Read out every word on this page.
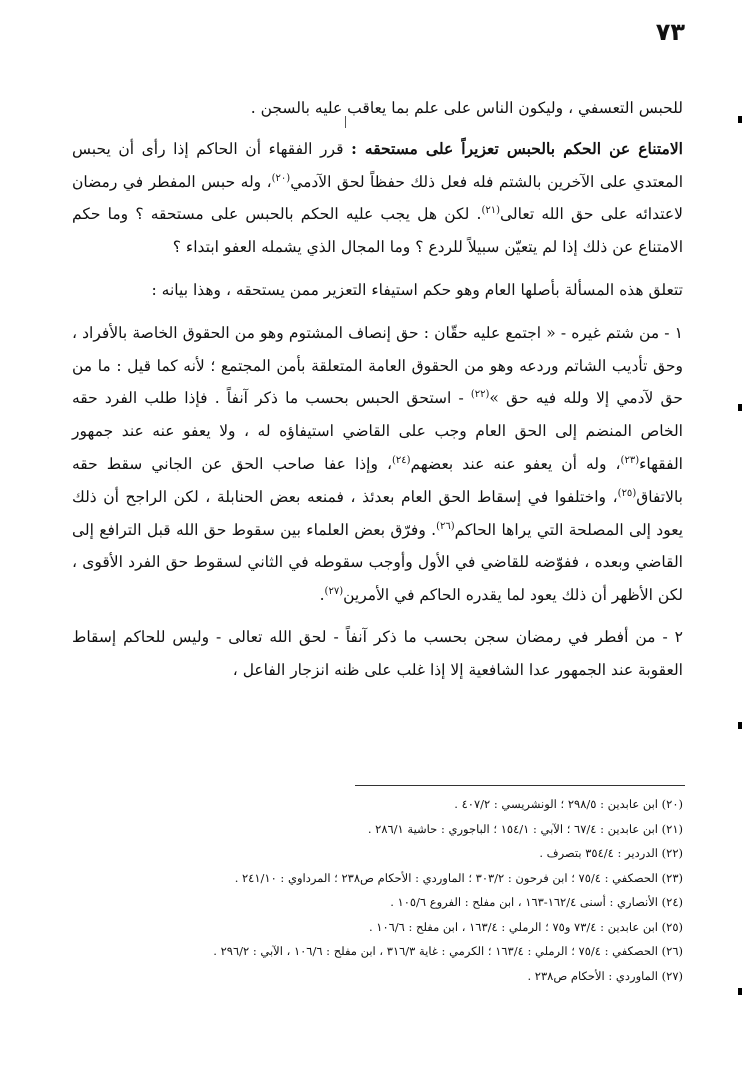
٧٣

للحبس التعسفي ، وليكون الناس على علم بما يعاقب عليه بالسجن .

الامتناع عن الحكم بالحبس تعزيراً على مستحقه : قرر الفقهاء أن الحاكم إذا رأى أن يحبس المعتدي على الآخرين بالشتم فله فعل ذلك حفظاً لحق الآدمي$^{(٢٠)}$، وله حبس المفطر في رمضان لاعتدائه على حق الله تعالى$^{(٢١)}$. لكن هل يجب عليه الحكم بالحبس على مستحقه ؟ وما حكم الامتناع عن ذلك إذا لم يتعيّن سبيلاً للردع ؟ وما المجال الذي يشمله العفو ابتداء ؟

تتعلق هذه المسألة بأصلها العام وهو حكم استيفاء التعزير ممن يستحقه ، وهذا بيانه :

١ - من شتم غيره - « اجتمع عليه حقّان : حق إنصاف المشتوم وهو من الحقوق الخاصة بالأفراد ، وحق تأديب الشاتم وردعه وهو من الحقوق العامة المتعلقة بأمن المجتمع ؛ لأنه كما قيل : ما من حق لآدمي إلا ولله فيه حق »$^{(٢٢)}$ - استحق الحبس بحسب ما ذكر آنفاً . فإذا طلب الفرد حقه الخاص المنضم إلى الحق العام وجب على القاضي استيفاؤه له ، ولا يعفو عنه عند جمهور الفقهاء$^{(٢٣)}$، وله أن يعفو عنه عند بعضهم$^{(٢٤)}$، وإذا عفا صاحب الحق عن الجاني سقط حقه بالاتفاق$^{(٢٥)}$، واختلفوا في إسقاط الحق العام بعدئذ ، فمنعه بعض الحنابلة ، لكن الراجح أن ذلك يعود إلى المصلحة التي يراها الحاكم$^{(٢٦)}$. وفرّق بعض العلماء بين سقوط حق الله قبل الترافع إلى القاضي وبعده ، ففوّضه للقاضي في الأول وأوجب سقوطه في الثاني لسقوط حق الفرد الأقوى ، لكن الأظهر أن ذلك يعود لما يقدره الحاكم في الأمرين$^{(٢٧)}$.

٢ - من أفطر في رمضان سجن بحسب ما ذكر آنفاً - لحق الله تعالى - وليس للحاكم إسقاط العقوبة عند الجمهور عدا الشافعية إلا إذا غلب على ظنه انزجار الفاعل ،

(٢٠) ابن عابدين : ٢٩٨/٥ ؛ الونشريسي : ٤٠٧/٢ .
(٢١) ابن عابدين : ٦٧/٤ ؛ الآبي : ١٥٤/١ ؛ الباجوري : حاشية ٢٨٦/١ .
(٢٢) الدردير : ٣٥٤/٤ بتصرف .
(٢٣) الحصكفي : ٧٥/٤ ؛ ابن فرحون : ٣٠٣/٢ ؛ الماوردي : الأحكام ص٢٣٨ ؛ المرداوي : ٢٤١/١٠ .
(٢٤) الأنصاري : أسنى ١٦٢/٤-١٦٣ ، ابن مفلح : الفروع ١٠٥/٦ .
(٢٥) ابن عابدين : ٧٣/٤ و٧٥ ؛ الرملي : ١٦٣/٤ ، ابن مفلح : ١٠٦/٦ .
(٢٦) الحصكفي : ٧٥/٤ ؛ الرملي : ١٦٣/٤ ؛ الكرمي : غاية ٣١٦/٣ ، ابن مفلح : ١٠٦/٦ ، الآبي : ٢٩٦/٢ .
(٢٧) الماوردي : الأحكام ص٢٣٨ .
